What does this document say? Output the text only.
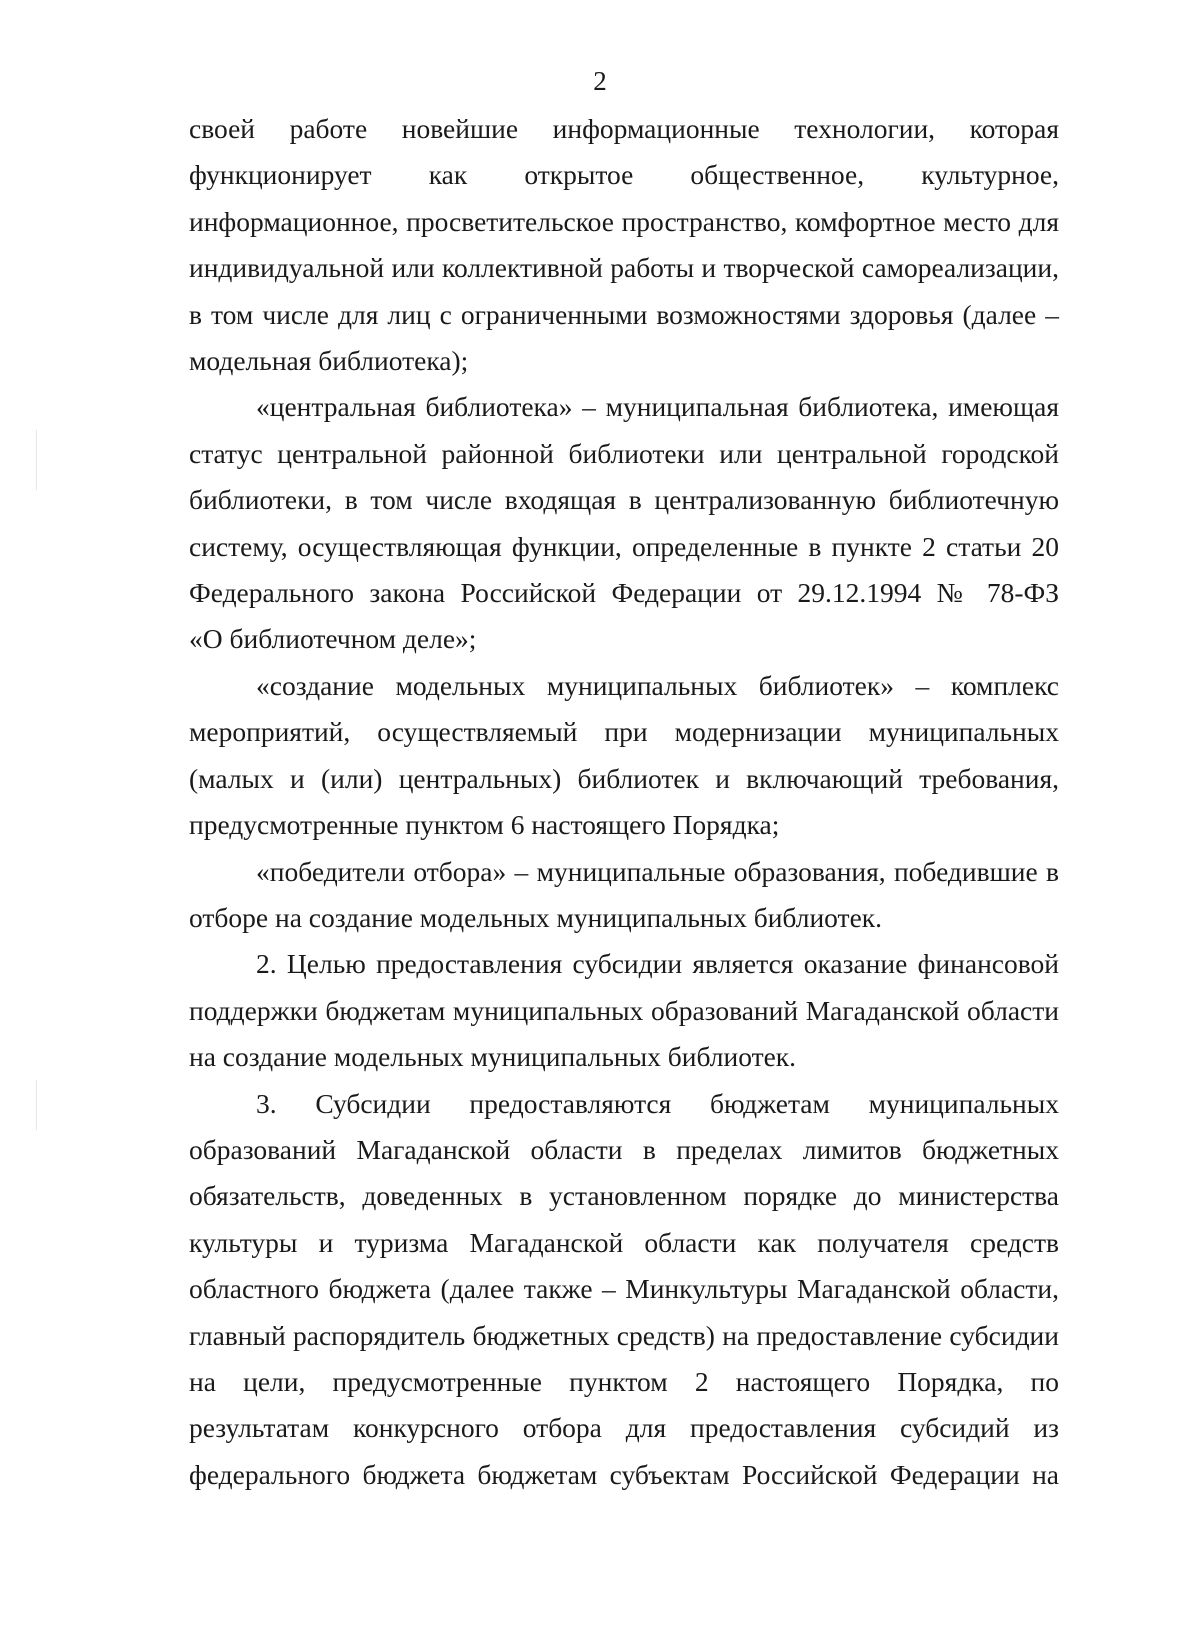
2
своей работе новейшие информационные технологии, которая
функционирует как открытое общественное, культурное,
информационное, просветительское пространство, комфортное место для
индивидуальной или коллективной работы и творческой самореализации,
в том числе для лиц с ограниченными возможностями здоровья (далее –
модельная библиотека);
«центральная библиотека» – муниципальная библиотека, имеющая
статус центральной районной библиотеки или центральной городской
библиотеки, в том числе входящая в централизованную библиотечную
систему, осуществляющая функции, определенные в пункте 2 статьи 20
Федерального закона Российской Федерации от 29.12.1994 № 78-ФЗ
«О библиотечном деле»;
«создание модельных муниципальных библиотек» – комплекс
мероприятий, осуществляемый при модернизации муниципальных
(малых и (или) центральных) библиотек и включающий требования,
предусмотренные пунктом 6 настоящего Порядка;
«победители отбора» – муниципальные образования, победившие в
отборе на создание модельных муниципальных библиотек.
2. Целью предоставления субсидии является оказание финансовой
поддержки бюджетам муниципальных образований Магаданской области
на создание модельных муниципальных библиотек.
3. Субсидии предоставляются бюджетам муниципальных
образований Магаданской области в пределах лимитов бюджетных
обязательств, доведенных в установленном порядке до министерства
культуры и туризма Магаданской области как получателя средств
областного бюджета (далее также – Минкультуры Магаданской области,
главный распорядитель бюджетных средств) на предоставление субсидии
на цели, предусмотренные пунктом 2 настоящего Порядка, по
результатам конкурсного отбора для предоставления субсидий из
федерального бюджета бюджетам субъектам Российской Федерации на
